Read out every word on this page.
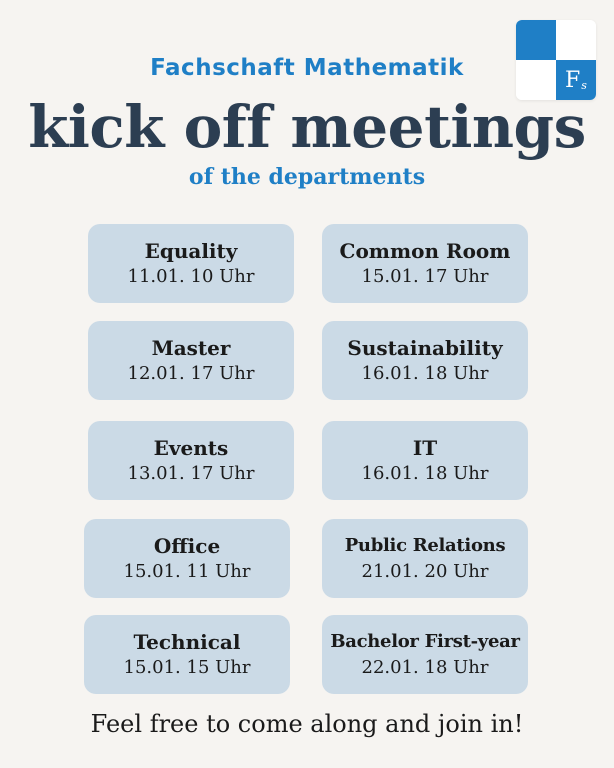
F s
Fachschaft Mathematik
kick off meetings
of the departments
Equality
11.01. 10 Uhr
Common Room
15.01. 17 Uhr
Master
12.01. 17 Uhr
Sustainability
16.01. 18 Uhr
Events
13.01. 17 Uhr
IT
16.01. 18 Uhr
Office
15.01. 11 Uhr
Public Relations
21.01. 20 Uhr
Technical
15.01. 15 Uhr
Bachelor First-year
22.01. 18 Uhr
Feel free to come along and join in!
